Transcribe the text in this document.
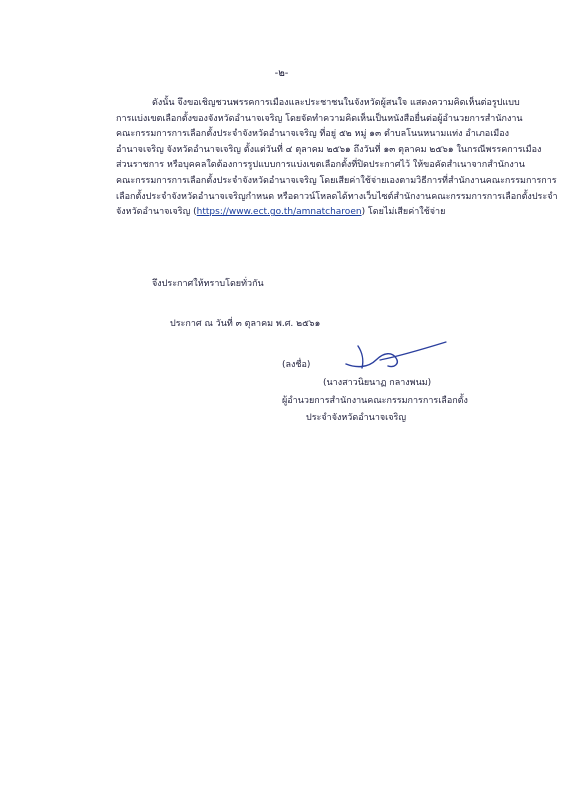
-๒-
ดังนั้น จึงขอเชิญชวนพรรคการเมืองและประชาชนในจังหวัดผู้สนใจ แสดงความคิดเห็นต่อรูปแบบ
การแบ่งเขตเลือกตั้งของจังหวัดอำนาจเจริญ โดยจัดทำความคิดเห็นเป็นหนังสือยื่นต่อผู้อำนวยการสำนักงาน
คณะกรรมการการเลือกตั้งประจำจังหวัดอำนาจเจริญ ที่อยู่ ๕๒ หมู่ ๑๓ ตำบลโนนหนามแท่ง อำเภอเมือง
อำนาจเจริญ จังหวัดอำนาจเจริญ ตั้งแต่วันที่ ๔ ตุลาคม ๒๕๖๑ ถึงวันที่ ๑๓ ตุลาคม ๒๕๖๑ ในกรณีพรรคการเมือง
ส่วนราชการ หรือบุคคลใดต้องการรูปแบบการแบ่งเขตเลือกตั้งที่ปิดประกาศไว้ ให้ขอคัดสำเนาจากสำนักงาน
คณะกรรมการการเลือกตั้งประจำจังหวัดอำนาจเจริญ โดยเสียค่าใช้จ่ายเองตามวิธีการที่สำนักงานคณะกรรมการการ
เลือกตั้งประจำจังหวัดอำนาจเจริญกำหนด หรือดาวน์โหลดได้ทางเว็บไซต์สำนักงานคณะกรรมการการเลือกตั้งประจำ
จังหวัดอำนาจเจริญ (https://www.ect.go.th/amnatcharoen) โดยไม่เสียค่าใช้จ่าย
จึงประกาศให้ทราบโดยทั่วกัน
ประกาศ ณ วันที่ ๓ ตุลาคม พ.ศ. ๒๕๖๑
(ลงชื่อ)
(นางสาวนิยนาฏ กลางพนม)
ผู้อำนวยการสำนักงานคณะกรรมการการเลือกตั้ง
ประจำจังหวัดอำนาจเจริญ
